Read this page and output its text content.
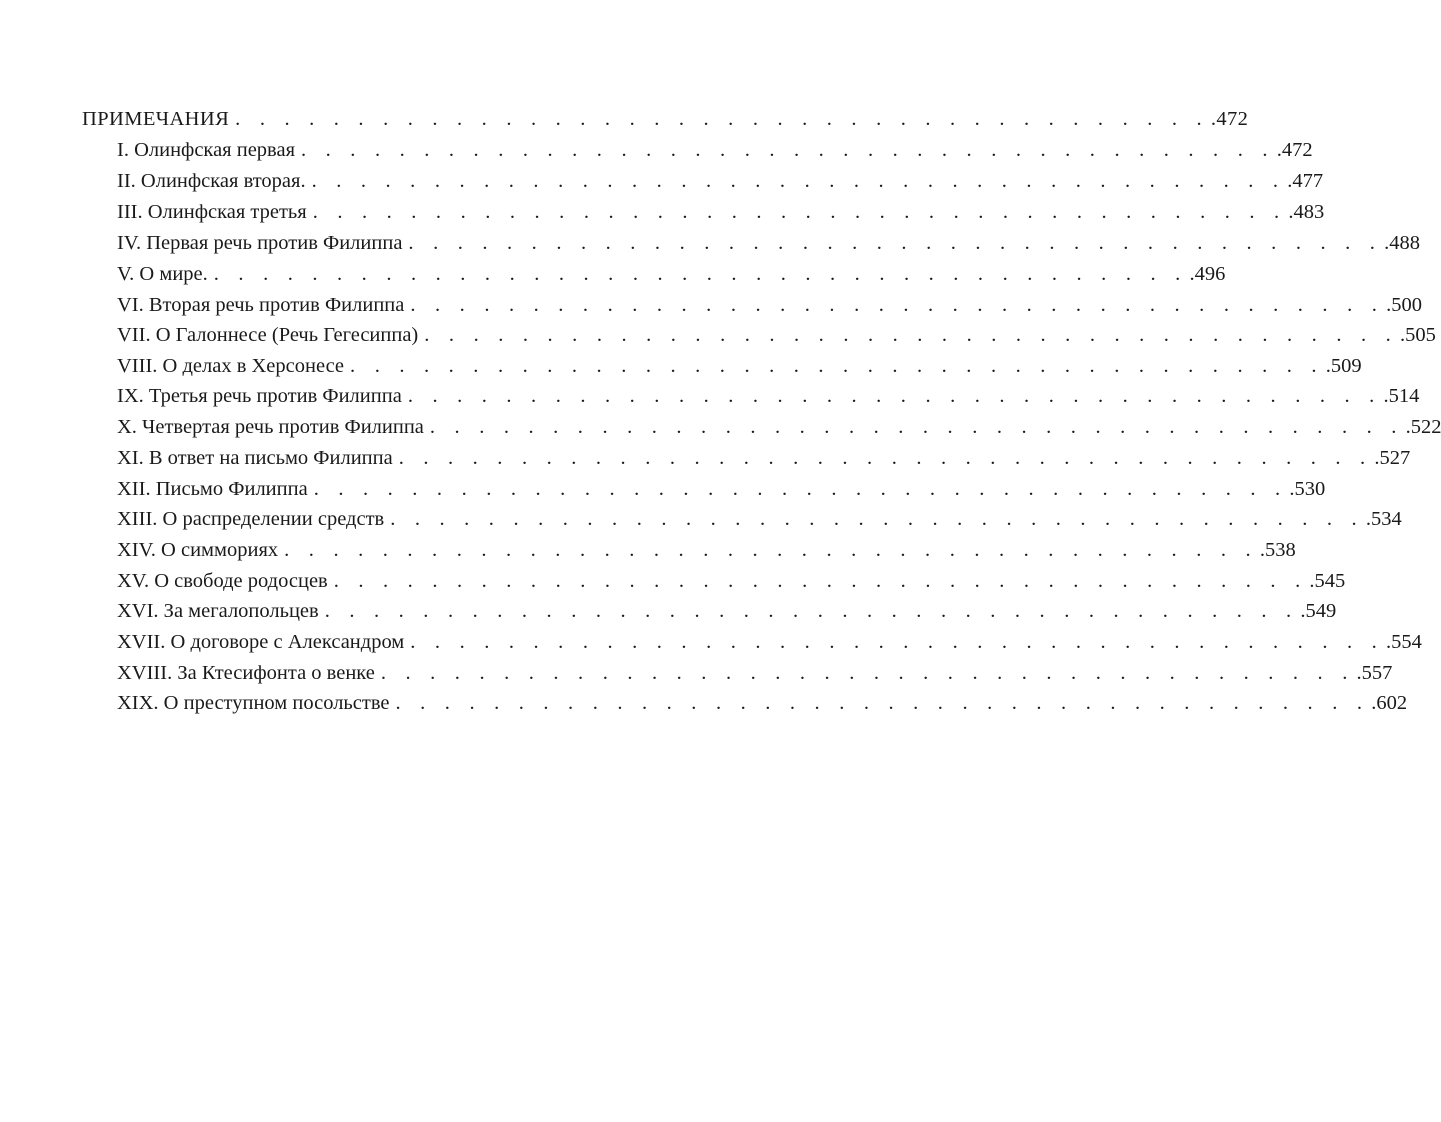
ПРИМЕЧАНИЯ . . . . . . . . . . . . . . . . . . . . . . . . . . . . . . . . . . . . . . . . .472
I. Олинфская первая . . . . . . . . . . . . . . . . . . . . . . . . . . . . . . . . . . . . . . . . .472
II. Олинфская вторая. . . . . . . . . . . . . . . . . . . . . . . . . . . . . . . . . . . . . . . . . .477
III. Олинфская третья . . . . . . . . . . . . . . . . . . . . . . . . . . . . . . . . . . . . . . . . .483
IV. Первая речь против Филиппа . . . . . . . . . . . . . . . . . . . . . . . . . . . . . . . . . . . . . . . . .488
V. О мире. . . . . . . . . . . . . . . . . . . . . . . . . . . . . . . . . . . . . . . . . .496
VI. Вторая речь против Филиппа . . . . . . . . . . . . . . . . . . . . . . . . . . . . . . . . . . . . . . . . .500
VII. О Галоннесе (Речь Гегесиппа) . . . . . . . . . . . . . . . . . . . . . . . . . . . . . . . . . . . . . . . . .505
VIII. О делах в Херсонесе . . . . . . . . . . . . . . . . . . . . . . . . . . . . . . . . . . . . . . . . .509
IX. Третья речь против Филиппа . . . . . . . . . . . . . . . . . . . . . . . . . . . . . . . . . . . . . . . . .514
X. Четвертая речь против Филиппа . . . . . . . . . . . . . . . . . . . . . . . . . . . . . . . . . . . . . . . . .522
XI. В ответ на письмо Филиппа . . . . . . . . . . . . . . . . . . . . . . . . . . . . . . . . . . . . . . . . .527
XII. Письмо Филиппа . . . . . . . . . . . . . . . . . . . . . . . . . . . . . . . . . . . . . . . . .530
XIII. О распределении средств . . . . . . . . . . . . . . . . . . . . . . . . . . . . . . . . . . . . . . . . .534
XIV. О симмориях . . . . . . . . . . . . . . . . . . . . . . . . . . . . . . . . . . . . . . . . .538
XV. О свободе родосцев . . . . . . . . . . . . . . . . . . . . . . . . . . . . . . . . . . . . . . . . .545
XVI. За мегалопольцев . . . . . . . . . . . . . . . . . . . . . . . . . . . . . . . . . . . . . . . . .549
XVII. О договоре с Александром . . . . . . . . . . . . . . . . . . . . . . . . . . . . . . . . . . . . . . . . .554
XVIII. За Ктесифонта о венке . . . . . . . . . . . . . . . . . . . . . . . . . . . . . . . . . . . . . . . . .557
XIX. О преступном посольстве . . . . . . . . . . . . . . . . . . . . . . . . . . . . . . . . . . . . . . . . .602
